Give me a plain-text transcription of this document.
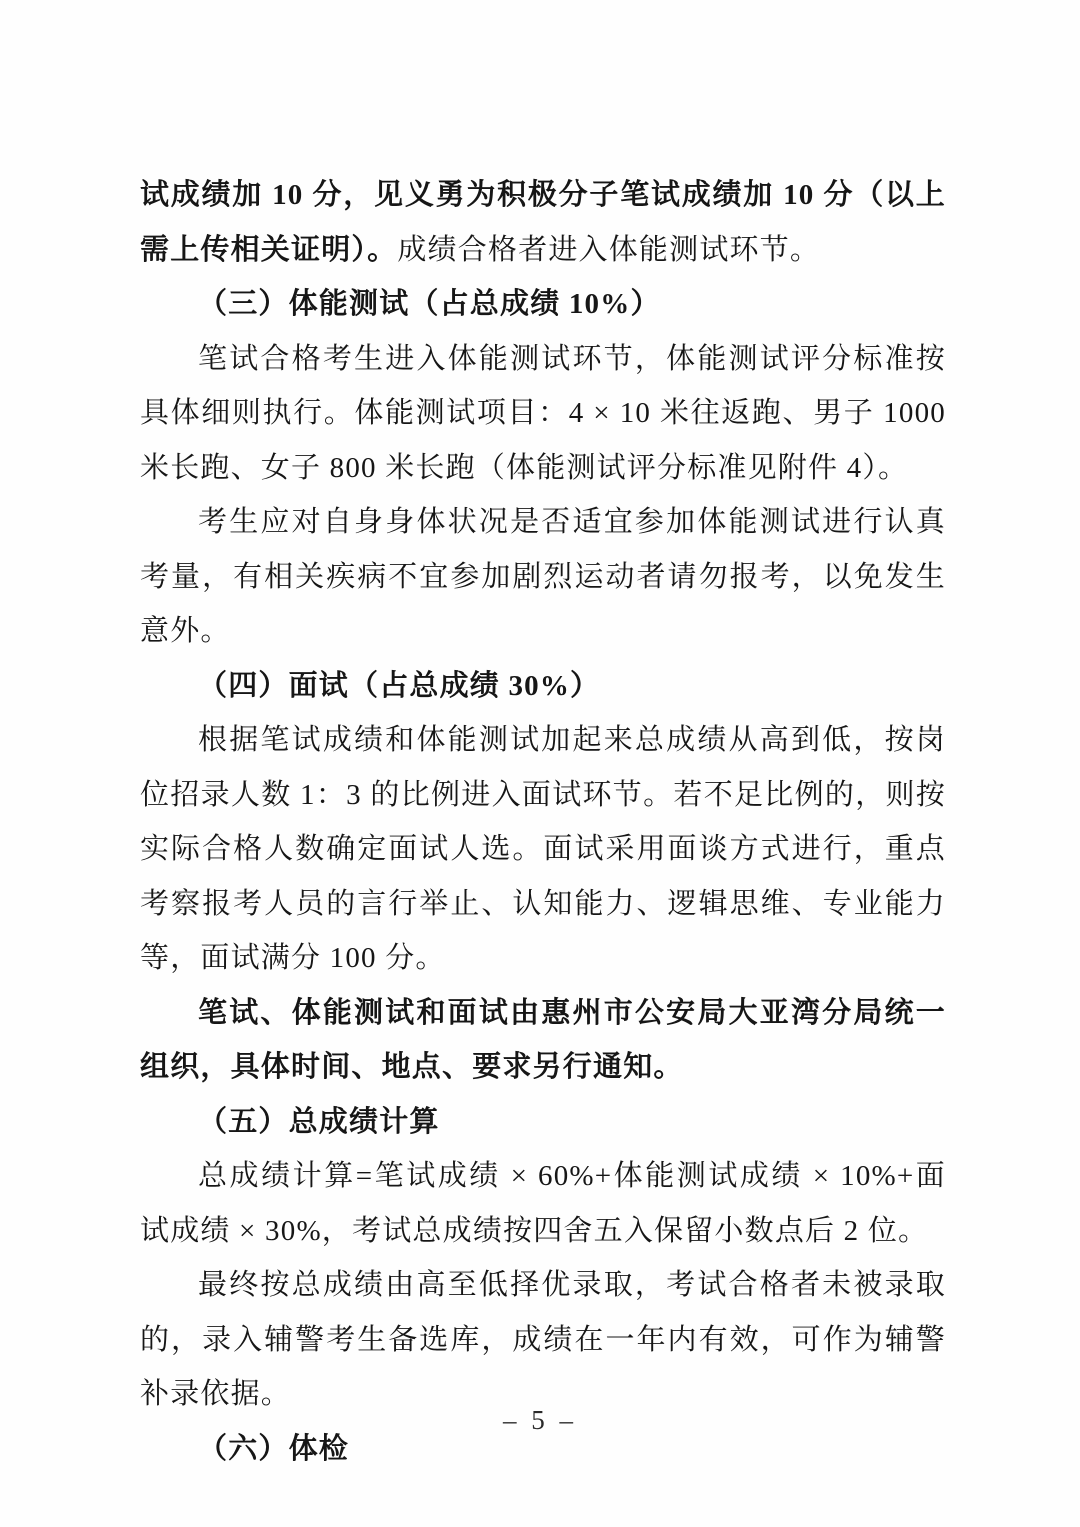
试成绩加 10 分，见义勇为积极分子笔试成绩加 10 分（以上需上传相关证明）。成绩合格者进入体能测试环节。

（三）体能测试（占总成绩 10%）

笔试合格考生进入体能测试环节，体能测试评分标准按具体细则执行。体能测试项目：4 × 10 米往返跑、男子 1000 米长跑、女子 800 米长跑（体能测试评分标准见附件 4）。

考生应对自身身体状况是否适宜参加体能测试进行认真考量，有相关疾病不宜参加剧烈运动者请勿报考，以免发生意外。

（四）面试（占总成绩 30%）

根据笔试成绩和体能测试加起来总成绩从高到低，按岗位招录人数 1：3 的比例进入面试环节。若不足比例的，则按实际合格人数确定面试人选。面试采用面谈方式进行，重点考察报考人员的言行举止、认知能力、逻辑思维、专业能力等，面试满分 100 分。

笔试、体能测试和面试由惠州市公安局大亚湾分局统一组织，具体时间、地点、要求另行通知。

（五）总成绩计算

总成绩计算=笔试成绩 × 60%+体能测试成绩 × 10%+面试成绩 × 30%，考试总成绩按四舍五入保留小数点后 2 位。

最终按总成绩由高至低择优录取，考试合格者未被录取的，录入辅警考生备选库，成绩在一年内有效，可作为辅警补录依据。

（六）体检

– 5 –
